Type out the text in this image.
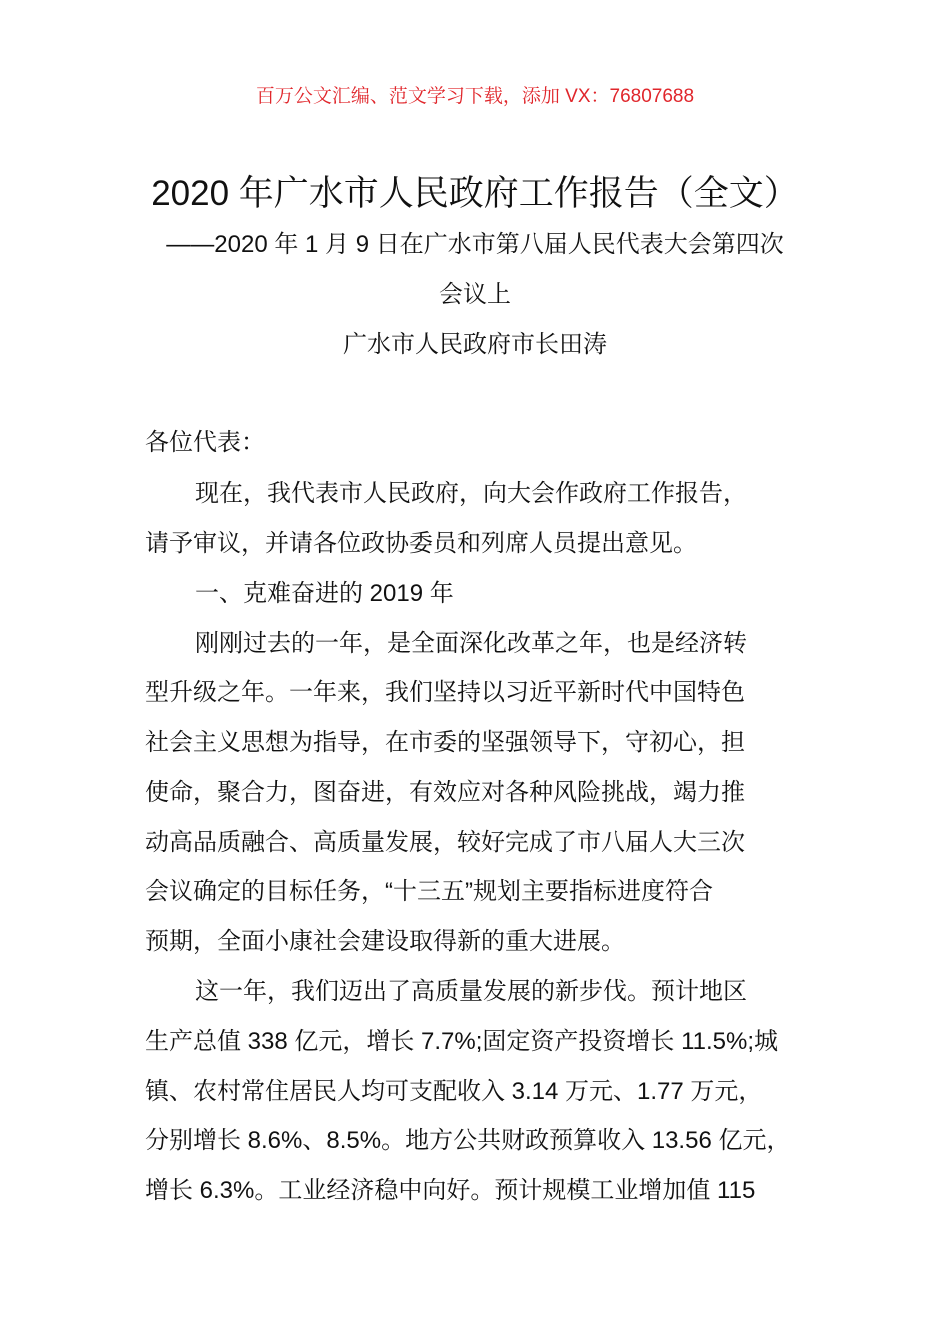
百万公文汇编、范文学习下载，添加 VX：76807688
2020 年广水市人民政府工作报告（全文）
——2020 年 1 月 9 日在广水市第八届人民代表大会第四次
会议上
广水市人民政府市长田涛
各位代表：
现在，我代表市人民政府，向大会作政府工作报告，
请予审议，并请各位政协委员和列席人员提出意见。
一、克难奋进的 2019 年
刚刚过去的一年，是全面深化改革之年，也是经济转
型升级之年。一年来，我们坚持以习近平新时代中国特色
社会主义思想为指导，在市委的坚强领导下，守初心，担
使命，聚合力，图奋进，有效应对各种风险挑战，竭力推
动高品质融合、高质量发展，较好完成了市八届人大三次
会议确定的目标任务，“十三五”规划主要指标进度符合
预期，全面小康社会建设取得新的重大进展。
这一年，我们迈出了高质量发展的新步伐。预计地区
生产总值 338 亿元，增长 7.7%;固定资产投资增长 11.5%;城
镇、农村常住居民人均可支配收入 3.14 万元、1.77 万元，
分别增长 8.6%、8.5%。地方公共财政预算收入 13.56 亿元，
增长 6.3%。工业经济稳中向好。预计规模工业增加值 115
